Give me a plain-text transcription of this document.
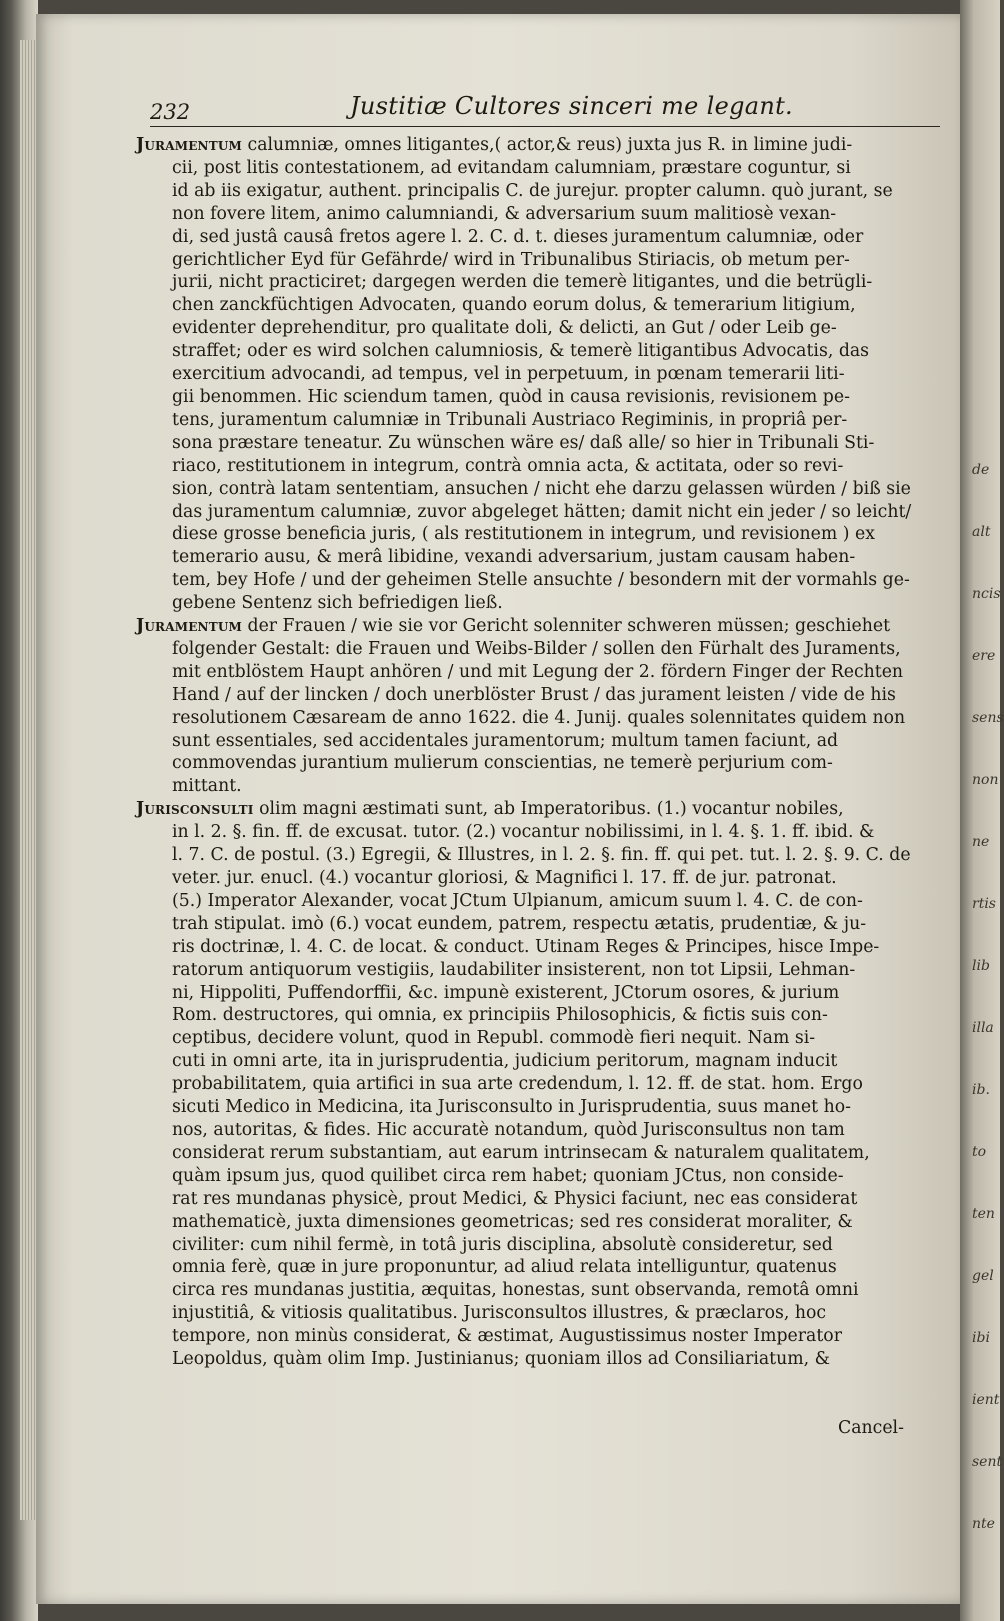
de
alt
ncis
ere
sens
non
ne
rtis
lib
illa
ib.
to
ten
gel
ibi
ient
sent
nte
232	Justitiæ Cultores sinceri me legant.

Juramentum calumniæ, omnes litigantes,( actor,& reus) juxta jus R. in limine judi-

cii, post litis contestationem, ad evitandam calumniam, præstare coguntur, si

id ab iis exigatur, authent. principalis C. de jurejur. propter calumn. quò jurant, se

non fovere litem, animo calumniandi, & adversarium suum malitiosè vexan-

di, sed justâ causâ fretos agere l. 2. C. d. t. dieses juramentum calumniæ, oder

gerichtlicher Eyd für Gefährde/ wird in Tribunalibus Stiriacis, ob metum per-

jurii, nicht practiciret; dargegen werden die temerè litigantes, und die betrügli-

chen zanckfüchtigen Advocaten, quando eorum dolus, & temerarium litigium,

evidenter deprehenditur, pro qualitate doli, & delicti, an Gut / oder Leib ge-

straffet; oder es wird solchen calumniosis, & temerè litigantibus Advocatis, das

exercitium advocandi, ad tempus, vel in perpetuum, in pœnam temerarii liti-

gii benommen. Hic sciendum tamen, quòd in causa revisionis, revisionem pe-

tens, juramentum calumniæ in Tribunali Austriaco Regiminis, in propriâ per-

sona præstare teneatur. Zu wünschen wäre es/ daß alle/ so hier in Tribunali Sti-

riaco, restitutionem in integrum, contrà omnia acta, & actitata, oder so revi-

sion, contrà latam sententiam, ansuchen / nicht ehe darzu gelassen würden / biß sie

das juramentum calumniæ, zuvor abgeleget hätten; damit nicht ein jeder / so leicht/

diese grosse beneficia juris, ( als restitutionem in integrum, und revisionem ) ex

temerario ausu, & merâ libidine, vexandi adversarium, justam causam haben-

tem, bey Hofe / und der geheimen Stelle ansuchte / besondern mit der vormahls ge-

gebene Sentenz sich befriedigen ließ.

Juramentum der Frauen / wie sie vor Gericht solenniter schweren müssen; geschiehet

folgender Gestalt: die Frauen und Weibs-Bilder / sollen den Fürhalt des Juraments,

mit entblöstem Haupt anhören / und mit Legung der 2. fördern Finger der Rechten

Hand / auf der lincken / doch unerblöster Brust / das jurament leisten / vide de his

resolutionem Cæsaream de anno 1622. die 4. Junij. quales solennitates quidem non

sunt essentiales, sed accidentales juramentorum; multum tamen faciunt, ad

commovendas jurantium mulierum conscientias, ne temerè perjurium com-

mittant.

Jurisconsulti olim magni æstimati sunt, ab Imperatoribus. (1.) vocantur nobiles,

in l. 2. §. fin. ff. de excusat. tutor. (2.) vocantur nobilissimi, in l. 4. §. 1. ff. ibid. &

l. 7. C. de postul. (3.) Egregii, & Illustres, in l. 2. §. fin. ff. qui pet. tut. l. 2. §. 9. C. de

veter. jur. enucl. (4.) vocantur gloriosi, & Magnifici l. 17. ff. de jur. patronat.

(5.) Imperator Alexander, vocat JCtum Ulpianum, amicum suum l. 4. C. de con-

trah stipulat. imò (6.) vocat eundem, patrem, respectu ætatis, prudentiæ, & ju-

ris doctrinæ, l. 4. C. de locat. & conduct. Utinam Reges & Principes, hisce Impe-

ratorum antiquorum vestigiis, laudabiliter insisterent, non tot Lipsii, Lehman-

ni, Hippoliti, Puffendorffii, &c. impunè existerent, JCtorum osores, & jurium

Rom. destructores, qui omnia, ex principiis Philosophicis, & fictis suis con-

ceptibus, decidere volunt, quod in Republ. commodè fieri nequit. Nam si-

cuti in omni arte, ita in jurisprudentia, judicium peritorum, magnam inducit

probabilitatem, quia artifici in sua arte credendum, l. 12. ff. de stat. hom. Ergo

sicuti Medico in Medicina, ita Jurisconsulto in Jurisprudentia, suus manet ho-

nos, autoritas, & fides. Hic accuratè notandum, quòd Jurisconsultus non tam

considerat rerum substantiam, aut earum intrinsecam & naturalem qualitatem,

quàm ipsum jus, quod quilibet circa rem habet; quoniam JCtus, non conside-

rat res mundanas physicè, prout Medici, & Physici faciunt, nec eas considerat

mathematicè, juxta dimensiones geometricas; sed res considerat moraliter, &

civiliter: cum nihil fermè, in totâ juris disciplina, absolutè consideretur, sed

omnia ferè, quæ in jure proponuntur, ad aliud relata intelliguntur, quatenus

circa res mundanas justitia, æquitas, honestas, sunt observanda, remotâ omni

injustitiâ, & vitiosis qualitatibus. Jurisconsultos illustres, & præclaros, hoc

tempore, non minùs considerat, & æstimat, Augustissimus noster Imperator

Leopoldus, quàm olim Imp. Justinianus; quoniam illos ad Consiliariatum, &

Cancel-
